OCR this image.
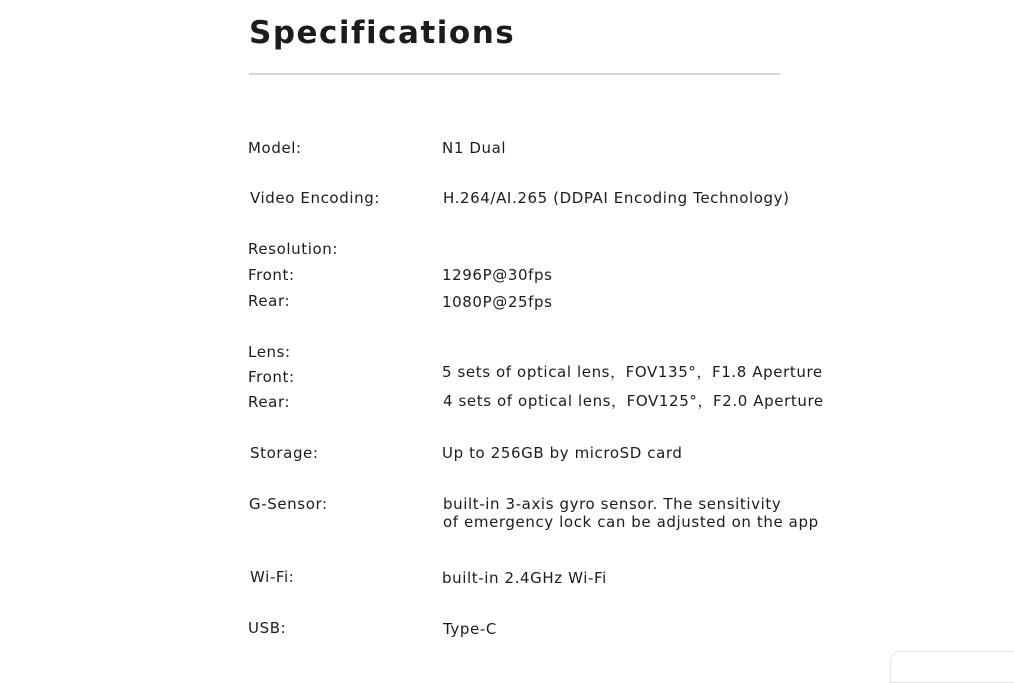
Specifications
Model:	N1 Dual
Video Encoding:	H.264/AI.265 (DDPAI Encoding Technology)
Resolution:
Front:	1296P@30fps
Rear:	1080P@25fps
Lens:
Front:	5 sets of optical lens，FOV135°，F1.8 Aperture
Rear:	4 sets of optical lens，FOV125°，F2.0 Aperture
Storage:	Up to 256GB by microSD card
G-Sensor:	built-in 3-axis gyro sensor. The sensitivity
of emergency lock can be adjusted on the app
Wi-Fi:	built-in 2.4GHz Wi-Fi
USB:	Type-C
